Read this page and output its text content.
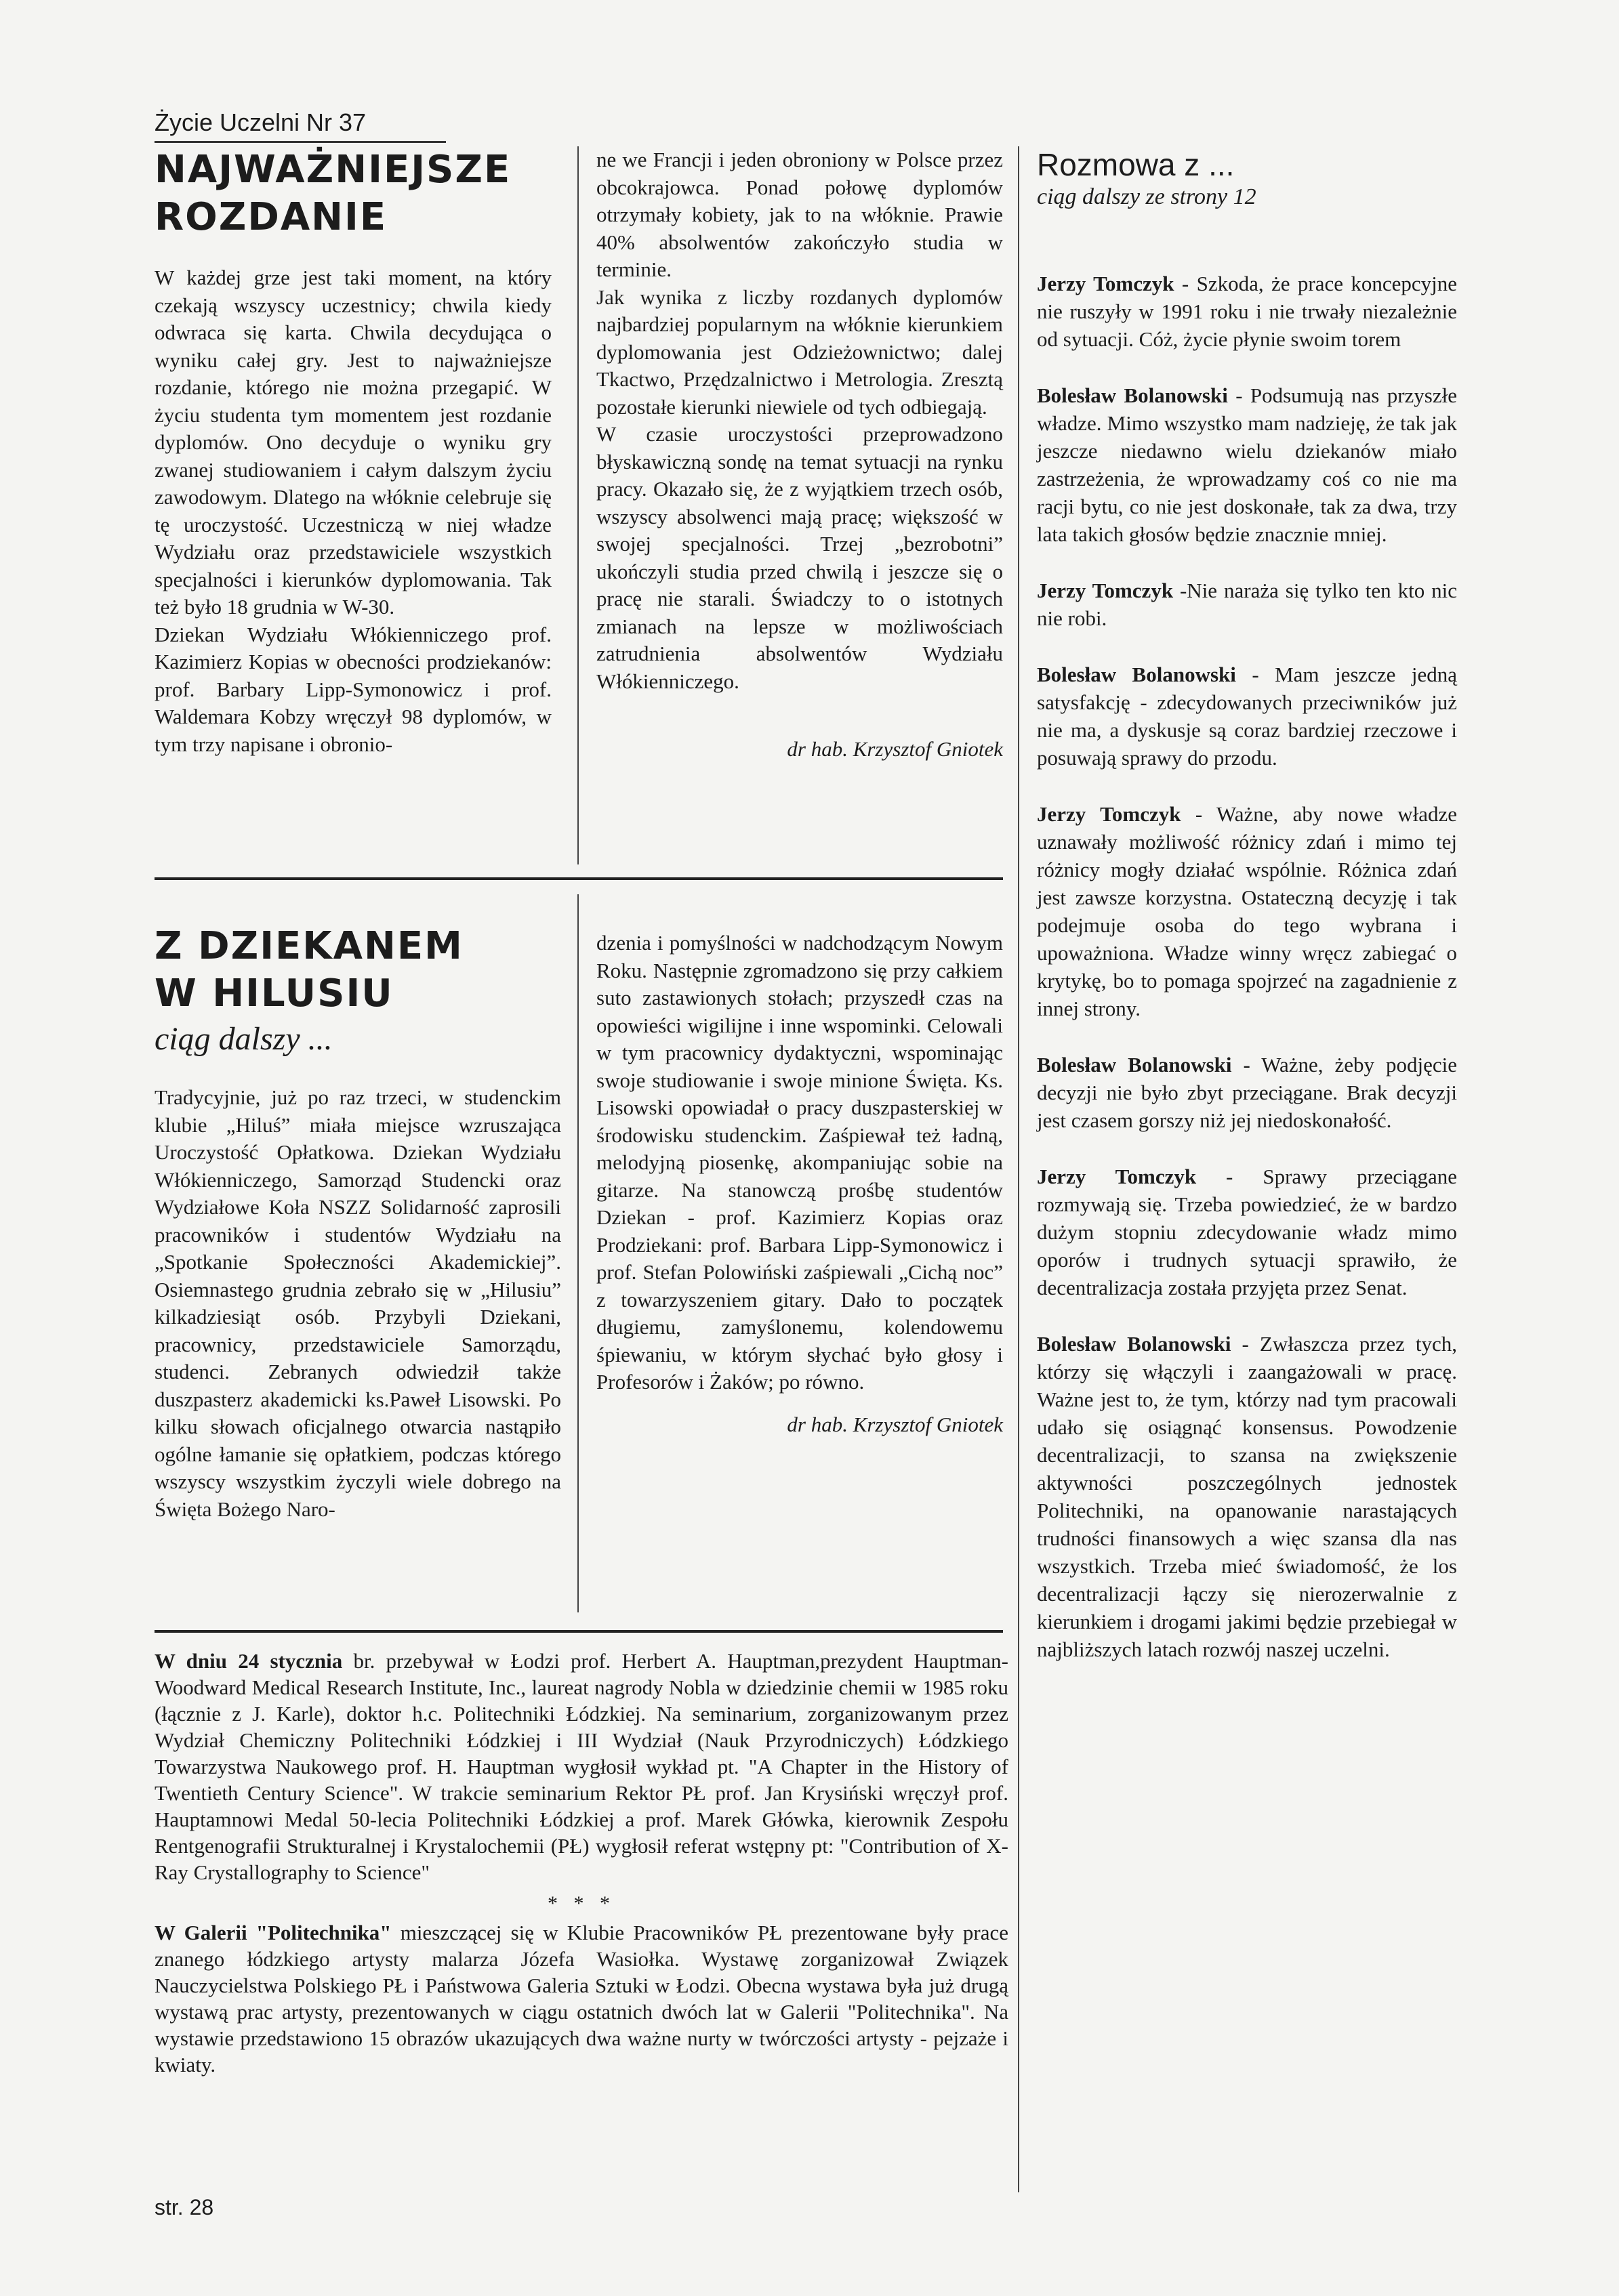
Życie Uczelni Nr 37
NAJWAŻNIEJSZE
ROZDANIE

W każdej grze jest taki moment, na który czekają wszyscy uczestnicy; chwila kiedy odwraca się karta. Chwila decydująca o wyniku całej gry. Jest to najważniejsze rozdanie, którego nie można przegapić. W życiu studenta tym momentem jest rozdanie dyplomów. Ono decyduje o wyniku gry zwanej studiowaniem i całym dalszym życiu zawodowym. Dlatego na włóknie celebruje się tę uroczystość. Uczestniczą w niej władze Wydziału oraz przedstawiciele wszystkich specjalności i kierunków dyplomowania. Tak też było 18 grudnia w W-30.

Dziekan Wydziału Włókienniczego prof. Kazimierz Kopias w obecności prodziekanów: prof. Barbary Lipp-Symonowicz i prof. Waldemara Kobzy wręczył 98 dyplomów, w tym trzy napisane i obronio-

ne we Francji i jeden obroniony w Polsce przez obcokrajowca. Ponad połowę dyplomów otrzymały kobiety, jak to na włóknie. Prawie 40% absolwentów zakończyło studia w terminie.

Jak wynika z liczby rozdanych dyplomów najbardziej popularnym na włóknie kierunkiem dyplomowania jest Odzieżownictwo; dalej Tkactwo, Przędzalnictwo i Metrologia. Zresztą pozostałe kierunki niewiele od tych odbiegają.

W czasie uroczystości przeprowadzono błyskawiczną sondę na temat sytuacji na rynku pracy. Okazało się, że z wyjątkiem trzech osób, wszyscy absolwenci mają pracę; większość w swojej specjalności. Trzej „bezrobotni” ukończyli studia przed chwilą i jeszcze się o pracę nie starali. Świadczy to o istotnych zmianach na lepsze w możliwościach zatrudnienia absolwentów Wydziału Włókienniczego.

dr hab. Krzysztof Gniotek
Z DZIEKANEM
W HILUSIU
ciąg dalszy ...

Tradycyjnie, już po raz trzeci, w studenckim klubie „Hiluś” miała miejsce wzruszająca Uroczystość Opłatkowa. Dziekan Wydziału Włókienniczego, Samorząd Studencki oraz Wydziałowe Koła NSZZ Solidarność zaprosili pracowników i studentów Wydziału na „Spotkanie Społeczności Akademickiej”. Osiemnastego grudnia zebrało się w „Hilusiu” kilkadziesiąt osób. Przybyli Dziekani, pracownicy, przedstawiciele Samorządu, studenci. Zebranych odwiedził także duszpasterz akademicki ks.Paweł Lisowski. Po kilku słowach oficjalnego otwarcia nastąpiło ogólne łamanie się opłatkiem, podczas którego wszyscy wszystkim życzyli wiele dobrego na Święta Bożego Naro-

dzenia i pomyślności w nadchodzącym Nowym Roku. Następnie zgromadzono się przy całkiem suto zastawionych stołach; przyszedł czas na opowieści wigilijne i inne wspominki. Celowali w tym pracownicy dydaktyczni, wspominając swoje studiowanie i swoje minione Święta. Ks. Lisowski opowiadał o pracy duszpasterskiej w środowisku studenckim. Zaśpiewał też ładną, melodyjną piosenkę, akompaniując sobie na gitarze. Na stanowczą prośbę studentów Dziekan - prof. Kazimierz Kopias oraz Prodziekani: prof. Barbara Lipp-Symonowicz i prof. Stefan Polowiński zaśpiewali „Cichą noc” z towarzyszeniem gitary. Dało to początek długiemu, zamyślonemu, kolendowemu śpiewaniu, w którym słychać było głosy i Profesorów i Żaków; po równo.

dr hab. Krzysztof Gniotek

W dniu 24 stycznia br. przebywał w Łodzi prof. Herbert A. Hauptman,prezydent Hauptman-Woodward Medical Research Institute, Inc., laureat nagrody Nobla w dziedzinie chemii w 1985 roku (łącznie z J. Karle), doktor h.c. Politechniki Łódzkiej. Na seminarium, zorganizowanym przez Wydział Chemiczny Politechniki Łódzkiej i III Wydział (Nauk Przyrodniczych) Łódzkiego Towarzystwa Naukowego prof. H. Hauptman wygłosił wykład pt. "A Chapter in the History of Twentieth Century Science". W trakcie seminarium Rektor PŁ prof. Jan Krysiński wręczył prof. Hauptamnowi Medal 50-lecia Politechniki Łódzkiej a prof. Marek Główka, kierownik Zespołu Rentgenografii Strukturalnej i Krystalochemii (PŁ) wygłosił referat wstępny pt: "Contribution of X-Ray Crystallography to Science"

* * *

W Galerii "Politechnika" mieszczącej się w Klubie Pracowników PŁ prezentowane były prace znanego łódzkiego artysty malarza Józefa Wasiołka. Wystawę zorganizował Związek Nauczycielstwa Polskiego PŁ i Państwowa Galeria Sztuki w Łodzi. Obecna wystawa była już drugą wystawą prac artysty, prezentowanych w ciągu ostatnich dwóch lat w Galerii "Politechnika". Na wystawie przedstawiono 15 obrazów ukazujących dwa ważne nurty w twórczości artysty - pejzaże i kwiaty.

Rozmowa z ...
ciąg dalszy ze strony 12

Jerzy Tomczyk - Szkoda, że prace koncepcyjne nie ruszyły w 1991 roku i nie trwały niezależnie od sytuacji. Cóż, życie płynie swoim torem

Bolesław Bolanowski - Podsumują nas przyszłe władze. Mimo wszystko mam nadzieję, że tak jak jeszcze niedawno wielu dziekanów miało zastrzeżenia, że wprowadzamy coś co nie ma racji bytu, co nie jest doskonałe, tak za dwa, trzy lata takich głosów będzie znacznie mniej.

Jerzy Tomczyk -Nie naraża się tylko ten kto nic nie robi.

Bolesław Bolanowski - Mam jeszcze jedną satysfakcję - zdecydowanych przeciwników już nie ma, a dyskusje są coraz bardziej rzeczowe i posuwają sprawy do przodu.

Jerzy Tomczyk - Ważne, aby nowe władze uznawały możliwość różnicy zdań i mimo tej różnicy mogły działać wspólnie. Różnica zdań jest zawsze korzystna. Ostateczną decyzję i tak podejmuje osoba do tego wybrana i upoważniona. Władze winny wręcz zabiegać o krytykę, bo to pomaga spojrzeć na zagadnienie z innej strony.

Bolesław Bolanowski - Ważne, żeby podjęcie decyzji nie było zbyt przeciągane. Brak decyzji jest czasem gorszy niż jej niedoskonałość.

Jerzy Tomczyk - Sprawy przeciągane rozmywają się. Trzeba powiedzieć, że w bardzo dużym stopniu zdecydowanie władz mimo oporów i trudnych sytuacji sprawiło, że decentralizacja została przyjęta przez Senat.

Bolesław Bolanowski - Zwłaszcza przez tych, którzy się włączyli i zaangażowali w pracę. Ważne jest to, że tym, którzy nad tym pracowali udało się osiągnąć konsensus. Powodzenie decentralizacji, to szansa na zwiększenie aktywności poszczególnych jednostek Politechniki, na opanowanie narastających trudności finansowych a więc szansa dla nas wszystkich. Trzeba mieć świadomość, że los decentralizacji łączy się nierozerwalnie z kierunkiem i drogami jakimi będzie przebiegał w najbliższych latach rozwój naszej uczelni.

str. 28
